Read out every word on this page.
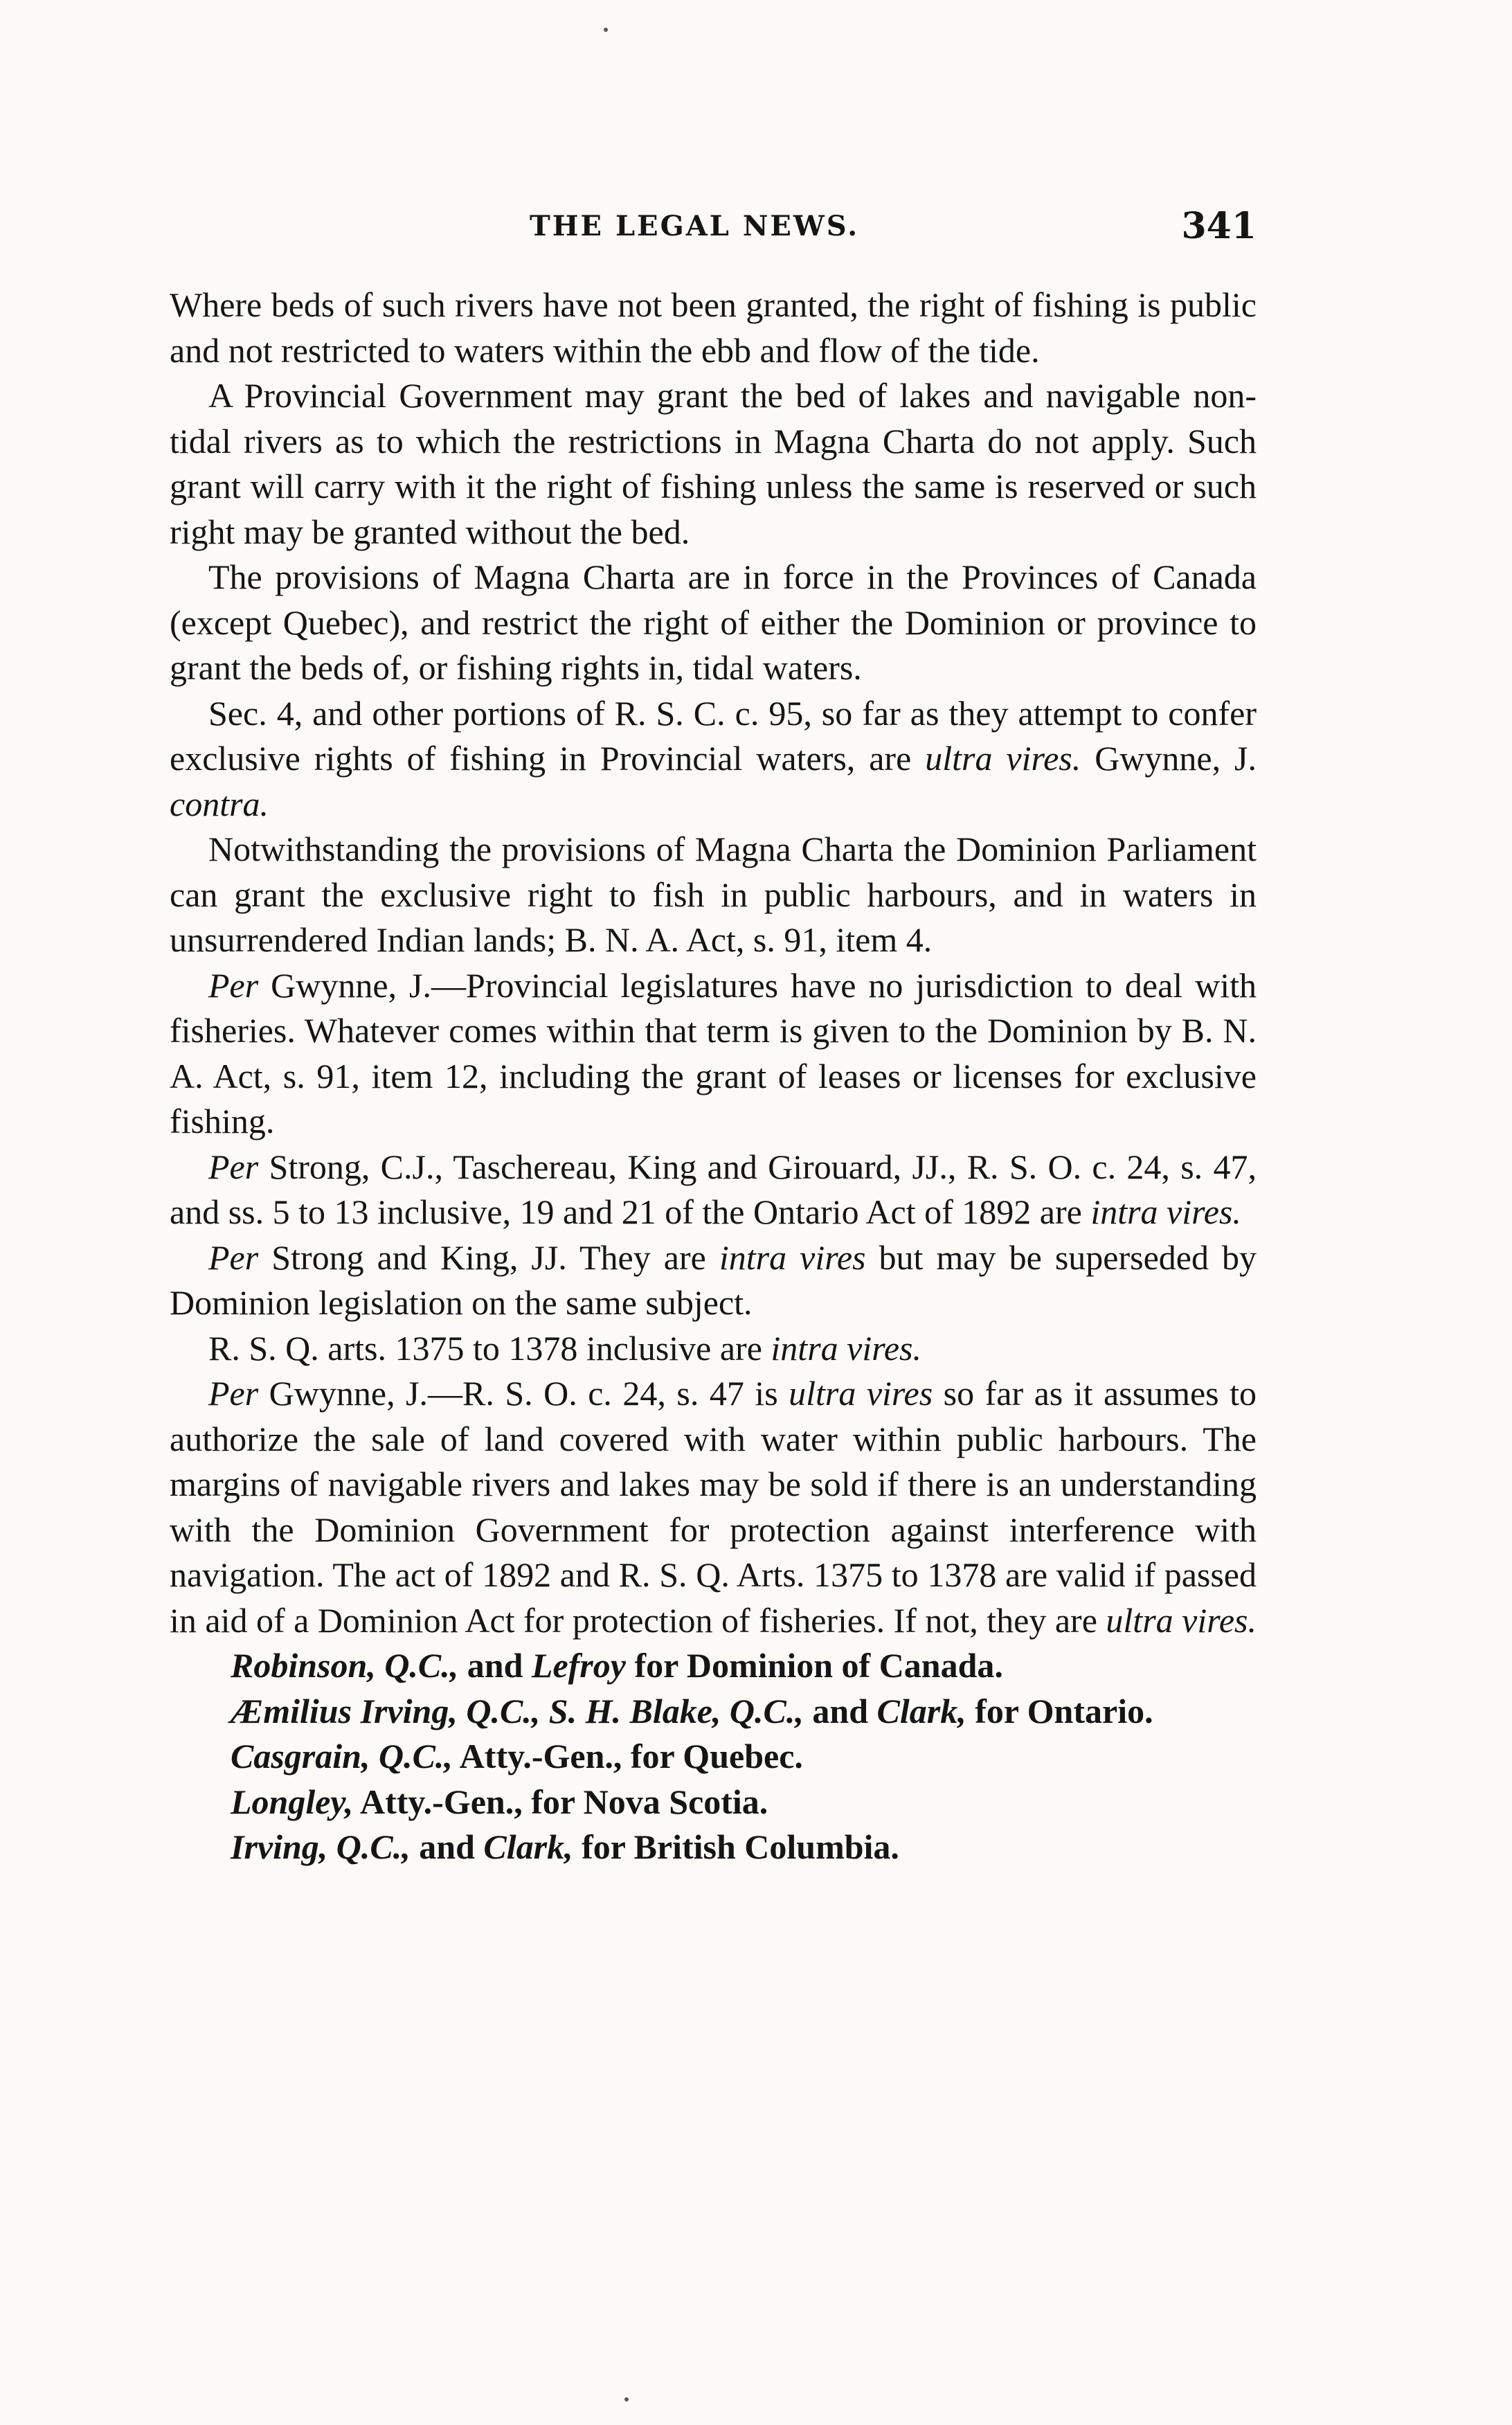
THE LEGAL NEWS.	341

Where beds of such rivers have not been granted, the right of fishing is public and not restricted to waters within the ebb and flow of the tide.

A Provincial Government may grant the bed of lakes and navigable non-tidal rivers as to which the restrictions in Magna Charta do not apply. Such grant will carry with it the right of fishing unless the same is reserved or such right may be granted without the bed.

The provisions of Magna Charta are in force in the Provinces of Canada (except Quebec), and restrict the right of either the Dominion or province to grant the beds of, or fishing rights in, tidal waters.

Sec. 4, and other portions of R. S. C. c. 95, so far as they attempt to confer exclusive rights of fishing in Provincial waters, are ultra vires. Gwynne, J. contra.

Notwithstanding the provisions of Magna Charta the Dominion Parliament can grant the exclusive right to fish in public harbours, and in waters in unsurrendered Indian lands; B. N. A. Act, s. 91, item 4.

Per Gwynne, J.—Provincial legislatures have no jurisdiction to deal with fisheries. Whatever comes within that term is given to the Dominion by B. N. A. Act, s. 91, item 12, including the grant of leases or licenses for exclusive fishing.

Per Strong, C.J., Taschereau, King and Girouard, JJ., R. S. O. c. 24, s. 47, and ss. 5 to 13 inclusive, 19 and 21 of the Ontario Act of 1892 are intra vires.

Per Strong and King, JJ. They are intra vires but may be superseded by Dominion legislation on the same subject.

R. S. Q. arts. 1375 to 1378 inclusive are intra vires.

Per Gwynne, J.—R. S. O. c. 24, s. 47 is ultra vires so far as it assumes to authorize the sale of land covered with water within public harbours. The margins of navigable rivers and lakes may be sold if there is an understanding with the Dominion Government for protection against interference with navigation. The act of 1892 and R. S. Q. Arts. 1375 to 1378 are valid if passed in aid of a Dominion Act for protection of fisheries. If not, they are ultra vires.

Robinson, Q.C., and Lefroy for Dominion of Canada.

Æmilius Irving, Q.C., S. H. Blake, Q.C., and Clark, for Ontario.

Casgrain, Q.C., Atty.-Gen., for Quebec.

Longley, Atty.-Gen., for Nova Scotia.

Irving, Q.C., and Clark, for British Columbia.
